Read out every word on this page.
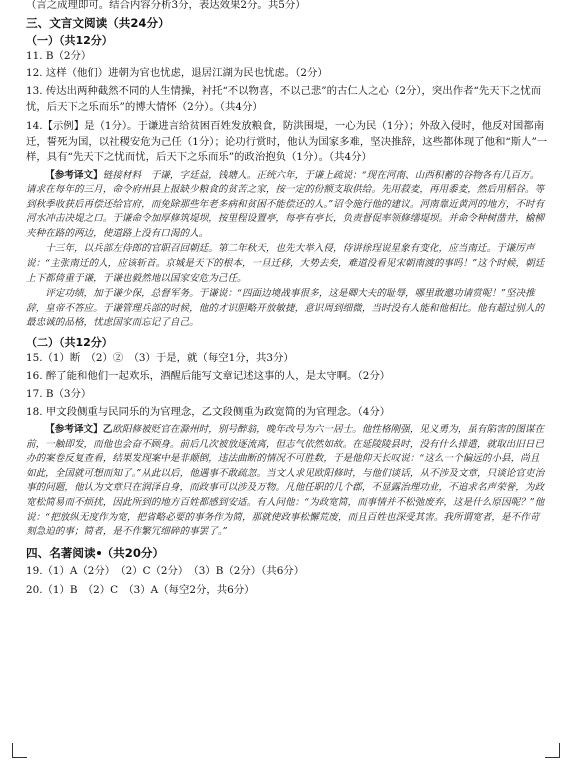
（言之成理即可。结合内容分析3分，表达效果2分。共5分）
三、文言文阅读（共24分）
（一）（共12分）
11. B（2分）
12. 这样（他们）进朝为官也忧虑，退居江湖为民也忧虑。（2分）
13. 传达出两种截然不同的人生情操，衬托“不以物喜，不以己悲”的古仁人之心（2分），突出作者“先天下之忧而忧，后天下之乐而乐”的博大情怀（2分）。（共4分）
14.【示例】是（1分）。于谦进言给贫困百姓发放粮食，防洪围堤，一心为民（1分）；外敌入侵时，他反对国都南迁，誓死为国，以社稷安危为己任（1分）；论功行赏时，他认为国家多难，坚决推辞，这些都体现了他和“斯人”一样，具有“先天下之忧而忧，后天下之乐而乐”的政治抱负（1分）。（共4分）
【参考译文】链接材料　于谦，字廷益，钱塘人。正统六年，于谦上疏说：“现在河南、山西积蓄的谷物各有几百万。请求在每年的三月，命令府州县上报缺少粮食的贫苦之家，按一定的份额支取供给。先用菽麦，再用黍麦，然后用稻谷。等到秋季收获后再偿还给官府，而免除那些年老多病和贫困不能偿还的人。”诏令施行他的建议。河南靠近黄河的地方，不时有河水冲击决堤之口。于谦命令加厚修筑堤坝，按里程设置亭，每亭有亭长，负责督促率领修缮堤坝。并命令种树凿井，榆柳夹种在路的两边，使道路上没有口渴的人。
十三年，以兵部左侍郎的官职召回朝廷。第二年秋天，也先大举入侵，侍讲徐珵说星象有变化，应当南迁。于谦厉声说：“主张南迁的人，应该斩首。京城是天下的根本，一旦迁移，大势去矣，难道没看见宋朝南渡的事吗！”这个时候，朝廷上下都倚重于谦，于谦也毅然地以国家安危为己任。
评定功绩，加于谦少保，总督军务。于谦说：“四面边境战事很多，这是卿大夫的耻辱，哪里敢邀功请赏呢！”坚决推辞，皇帝不答应。于谦管理兵部的时候，他的才识胆略开放敏捷，意识周到细微，当时没有人能和他相比。他有超过别人的最忠诚的品格，忧虑国家而忘记了自己。
（二）（共12分）
15.（1）断　（2）②　（3）于是，就（每空1分，共3分）
16. 醉了能和他们一起欢乐，酒醒后能写文章记述这事的人，是太守啊。（2分）
17. B（3分）
18. 甲文段侧重与民同乐的为官理念，乙文段侧重为政宽简的为官理念。（4分）
【参考译文】乙欧阳修被贬官在滁州时，别号醉翁，晚年改号为六一居士。他性格刚强，见义勇为，虽有陷害的图谋在前，一触即发，而他也会奋不顾身。前后几次被放逐流离，但志气依然如故。在延陵陵县时，没有什么排遣，就取出旧日已办的案卷反复查看，结果发现案中是非颠倒，违法曲断的情况不可胜数，于是他仰天长叹说：“这么一个偏远的小县，尚且如此，全国就可想而知了。”从此以后，他遇事不敢疏忽。当文人求见欧阳修时，与他们谈话，从不涉及文章，只谈论官吏治事的问题，他认为文章只在润泽自身，而政事可以涉及万物。凡他任职的几个郡，不显露治理功业，不追求名声荣誉，为政宽松简易而不烦扰，因此所到的地方百姓都感到安适。有人问他：“为政宽简，而事情并不松弛废弃，这是什么原因呢？”他说：“把放纵无度作为宽，把省略必要的事务作为简，那就使政事松懈荒废，而且百姓也深受其害。我所谓宽者，是不作苛刻急迫的事；简者，是不作繁冗细碎的事罢了。”
四、名著阅读 （共20分）
19.（1）A（2分）　（2）C（2分）　（3）B（2分）（共6分）
20.（1）B　（2）C　（3）A（每空2分，共6分）
